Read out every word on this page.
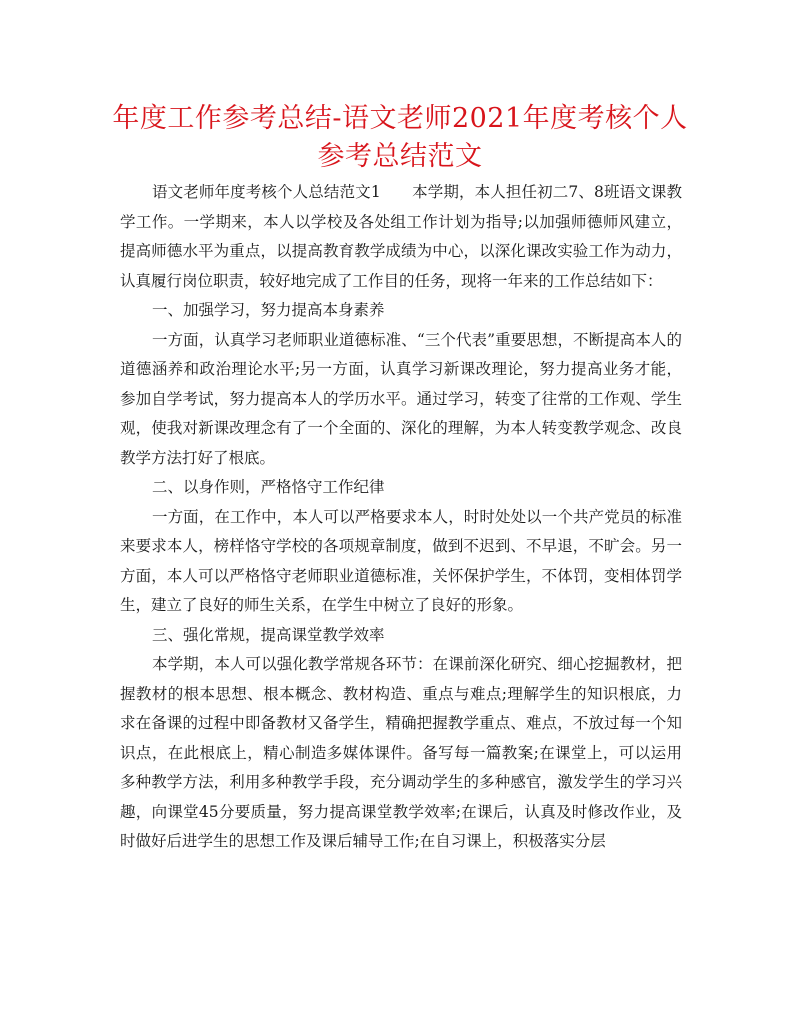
年度工作参考总结-语文老师2021年度考核个人参考总结范文

语文老师年度考核个人总结范文1　　本学期，本人担任初二7、8班语文课教学工作。一学期来，本人以学校及各处组工作计划为指导;以加强师德师风建立，提高师德水平为重点，以提高教育教学成绩为中心，以深化课改实验工作为动力，认真履行岗位职责，较好地完成了工作目的任务，现将一年来的工作总结如下：

一、加强学习，努力提高本身素养

一方面，认真学习老师职业道德标准、“三个代表”重要思想，不断提高本人的道德涵养和政治理论水平;另一方面，认真学习新课改理论，努力提高业务才能，参加自学考试，努力提高本人的学历水平。通过学习，转变了往常的工作观、学生观，使我对新课改理念有了一个全面的、深化的理解，为本人转变教学观念、改良教学方法打好了根底。

二、以身作则，严格恪守工作纪律

一方面，在工作中，本人可以严格要求本人，时时处处以一个共产党员的标准来要求本人，榜样恪守学校的各项规章制度，做到不迟到、不早退，不旷会。另一方面，本人可以严格恪守老师职业道德标准，关怀保护学生，不体罚，变相体罚学生，建立了良好的师生关系，在学生中树立了良好的形象。

三、强化常规，提高课堂教学效率

本学期，本人可以强化教学常规各环节：在课前深化研究、细心挖掘教材，把握教材的根本思想、根本概念、教材构造、重点与难点;理解学生的知识根底，力求在备课的过程中即备教材又备学生，精确把握教学重点、难点，不放过每一个知识点，在此根底上，精心制造多媒体课件。备写每一篇教案;在课堂上，可以运用多种教学方法，利用多种教学手段，充分调动学生的多种感官，激发学生的学习兴趣，向课堂45分要质量，努力提高课堂教学效率;在课后，认真及时修改作业，及时做好后进学生的思想工作及课后辅导工作;在自习课上，积极落实分层
